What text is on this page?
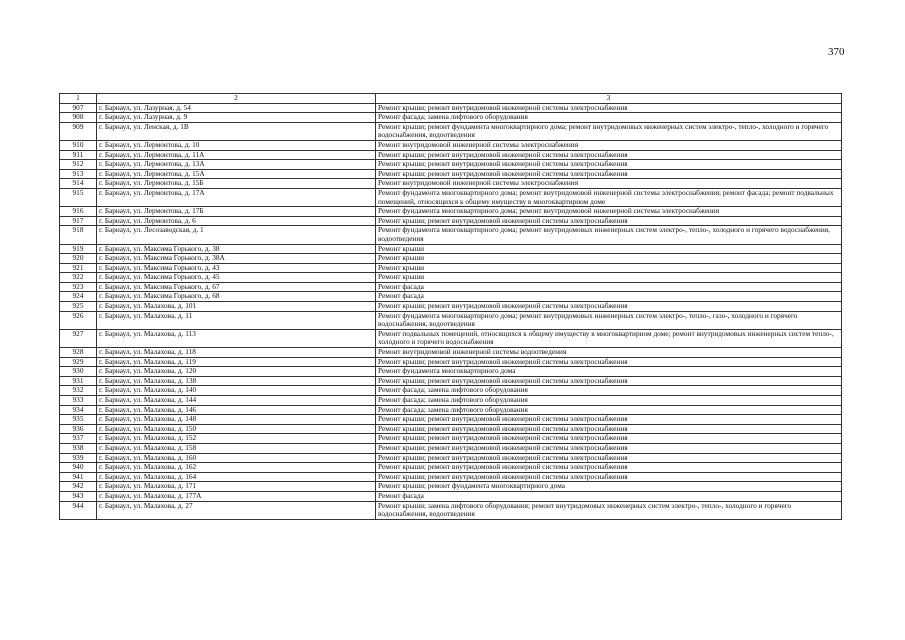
370
1	2	3
907	г. Барнаул, ул. Лазурная, д. 54	Ремонт крыши; ремонт внутридомовой инженерной системы электроснабжения
908	г. Барнаул, ул. Лазурная, д. 9	Ремонт фасада; замена лифтового оборудования
909	г. Барнаул, ул. Ленская, д. 1В	Ремонт крыши; ремонт фундамента многоквартирного дома; ремонт внутридомовых инженерных систем электро-, тепло-, холодного и горячего водоснабжения, водоотведения
910	г. Барнаул, ул. Лермонтова, д. 10	Ремонт внутридомовой инженерной системы электроснабжения
911	г. Барнаул, ул. Лермонтова, д. 11А	Ремонт крыши; ремонт внутридомовой инженерной системы электроснабжения
912	г. Барнаул, ул. Лермонтова, д. 13А	Ремонт крыши; ремонт внутридомовой инженерной системы электроснабжения
913	г. Барнаул, ул. Лермонтова, д. 15А	Ремонт крыши; ремонт внутридомовой инженерной системы электроснабжения
914	г. Барнаул, ул. Лермонтова, д. 15Б	Ремонт внутридомовой инженерной системы электроснабжения
915	г. Барнаул, ул. Лермонтова, д. 17А	Ремонт фундамента многоквартирного дома; ремонт внутридомовой инженерной системы электроснабжения; ремонт фасада; ремонт подвальных помещений, относящихся к общему имуществу в многоквартирном доме
916	г. Барнаул, ул. Лермонтова, д. 17Б	Ремонт фундамента многоквартирного дома; ремонт внутридомовой инженерной системы электроснабжения
917	г. Барнаул, ул. Лермонтова, д. 6	Ремонт крыши; ремонт внутридомовой инженерной системы электроснабжения
918	г. Барнаул, ул. Лесозаводская, д. 1	Ремонт фундамента многоквартирного дома; ремонт внутридомовых инженерных систем электро-, тепло-, холодного и горячего водоснабжения, водоотведения
919	г. Барнаул, ул. Максима Горького, д. 38	Ремонт крыши
920	г. Барнаул, ул. Максима Горького, д. 38А	Ремонт крыши
921	г. Барнаул, ул. Максима Горького, д. 43	Ремонт крыши
922	г. Барнаул, ул. Максима Горького, д. 45	Ремонт крыши
923	г. Барнаул, ул. Максима Горького, д. 67	Ремонт фасада
924	г. Барнаул, ул. Максима Горького, д. 68	Ремонт фасада
925	г. Барнаул, ул. Малахова, д. 101	Ремонт крыши; ремонт внутридомовой инженерной системы электроснабжения
926	г. Барнаул, ул. Малахова, д. 11	Ремонт фундамента многоквартирного дома; ремонт внутридомовых инженерных систем электро-, тепло-, газо-, холодного и горячего водоснабжения, водоотведения
927	г. Барнаул, ул. Малахова, д. 113	Ремонт подвальных помещений, относящихся к общему имуществу в многоквартирном доме; ремонт внутридомовых инженерных систем тепло-, холодного и горячего водоснабжения
928	г. Барнаул, ул. Малахова, д. 118	Ремонт внутридомовой инженерной системы водоотведения
929	г. Барнаул, ул. Малахова, д. 119	Ремонт крыши; ремонт внутридомовой инженерной системы электроснабжения
930	г. Барнаул, ул. Малахова, д. 120	Ремонт фундамента многоквартирного дома
931	г. Барнаул, ул. Малахова, д. 138	Ремонт крыши; ремонт внутридомовой инженерной системы электроснабжения
932	г. Барнаул, ул. Малахова, д. 140	Ремонт фасада; замена лифтового оборудования
933	г. Барнаул, ул. Малахова, д. 144	Ремонт фасада; замена лифтового оборудования
934	г. Барнаул, ул. Малахова, д. 146	Ремонт фасада; замена лифтового оборудования
935	г. Барнаул, ул. Малахова, д. 148	Ремонт крыши; ремонт внутридомовой инженерной системы электроснабжения
936	г. Барнаул, ул. Малахова, д. 150	Ремонт крыши; ремонт внутридомовой инженерной системы электроснабжения
937	г. Барнаул, ул. Малахова, д. 152	Ремонт крыши; ремонт внутридомовой инженерной системы электроснабжения
938	г. Барнаул, ул. Малахова, д. 158	Ремонт крыши; ремонт внутридомовой инженерной системы электроснабжения
939	г. Барнаул, ул. Малахова, д. 160	Ремонт крыши; ремонт внутридомовой инженерной системы электроснабжения
940	г. Барнаул, ул. Малахова, д. 162	Ремонт крыши; ремонт внутридомовой инженерной системы электроснабжения
941	г. Барнаул, ул. Малахова, д. 164	Ремонт крыши; ремонт внутридомовой инженерной системы электроснабжения
942	г. Барнаул, ул. Малахова, д. 171	Ремонт крыши; ремонт фундамента многоквартирного дома
943	г. Барнаул, ул. Малахова, д. 177А	Ремонт фасада
944	г. Барнаул, ул. Малахова, д. 27	Ремонт крыши; замена лифтового оборудования; ремонт внутридомовых инженерных систем электро-, тепло-, холодного и горячего водоснабжения, водоотведения
